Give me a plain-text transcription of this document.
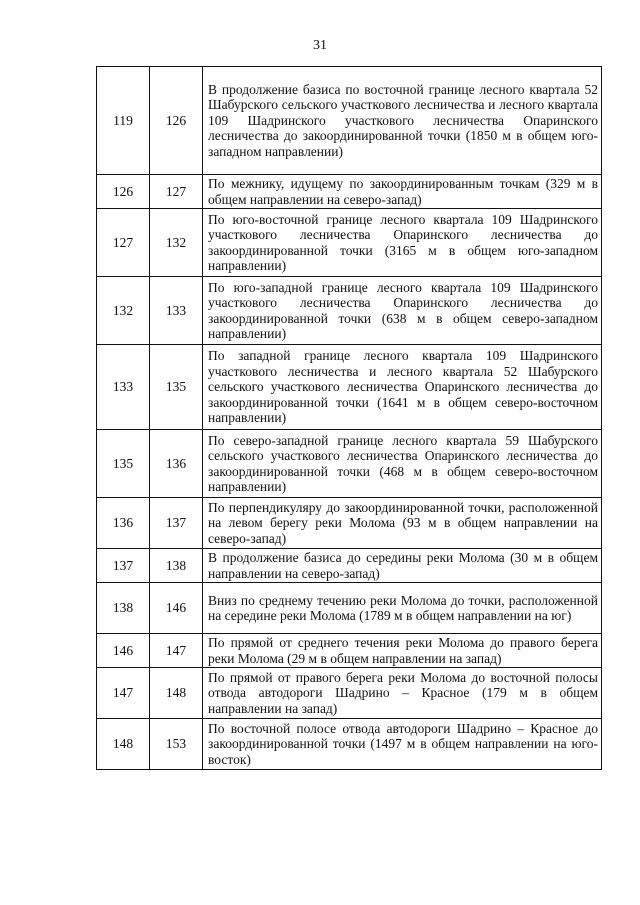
31
119	126	В продолжение базиса по восточной границе лесного квартала 52 Шабурского сельского участкового лесничества и лесного квартала 109 Шадринского участкового лесничества Опаринского лесничества до закоординированной точки (1850 м в общем юго-западном направлении)
126	127	По межнику, идущему по закоординированным точкам (329 м в общем направлении на северо-запад)
127	132	По юго-восточной границе лесного квартала 109 Шадринского участкового лесничества Опаринского лесничества до закоординированной точки (3165 м в общем юго-западном направлении)
132	133	По юго-западной границе лесного квартала 109 Шадринского участкового лесничества Опаринского лесничества до закоординированной точки (638 м в общем северо-западном направлении)
133	135	По западной границе лесного квартала 109 Шадринского участкового лесничества и лесного квартала 52 Шабурского сельского участкового лесничества Опаринского лесничества до закоординированной точки (1641 м в общем северо-восточном направлении)
135	136	По северо-западной границе лесного квартала 59 Шабурского сельского участкового лесничества Опаринского лесничества до закоординированной точки (468 м в общем северо-восточном направлении)
136	137	По перпендикуляру до закоординированной точки, расположенной на левом берегу реки Молома (93 м в общем направлении на северо-запад)
137	138	В продолжение базиса до середины реки Молома (30 м в общем направлении на северо-запад)
138	146	Вниз по среднему течению реки Молома до точки, расположенной на середине реки Молома (1789 м в общем направлении на юг)
146	147	По прямой от среднего течения реки Молома до правого берега реки Молома (29 м в общем направлении на запад)
147	148	По прямой от правого берега реки Молома до восточной полосы отвода автодороги Шадрино – Красное (179 м в общем направлении на запад)
148	153	По восточной полосе отвода автодороги Шадрино – Красное до закоординированной точки (1497 м в общем направлении на юго-восток)
